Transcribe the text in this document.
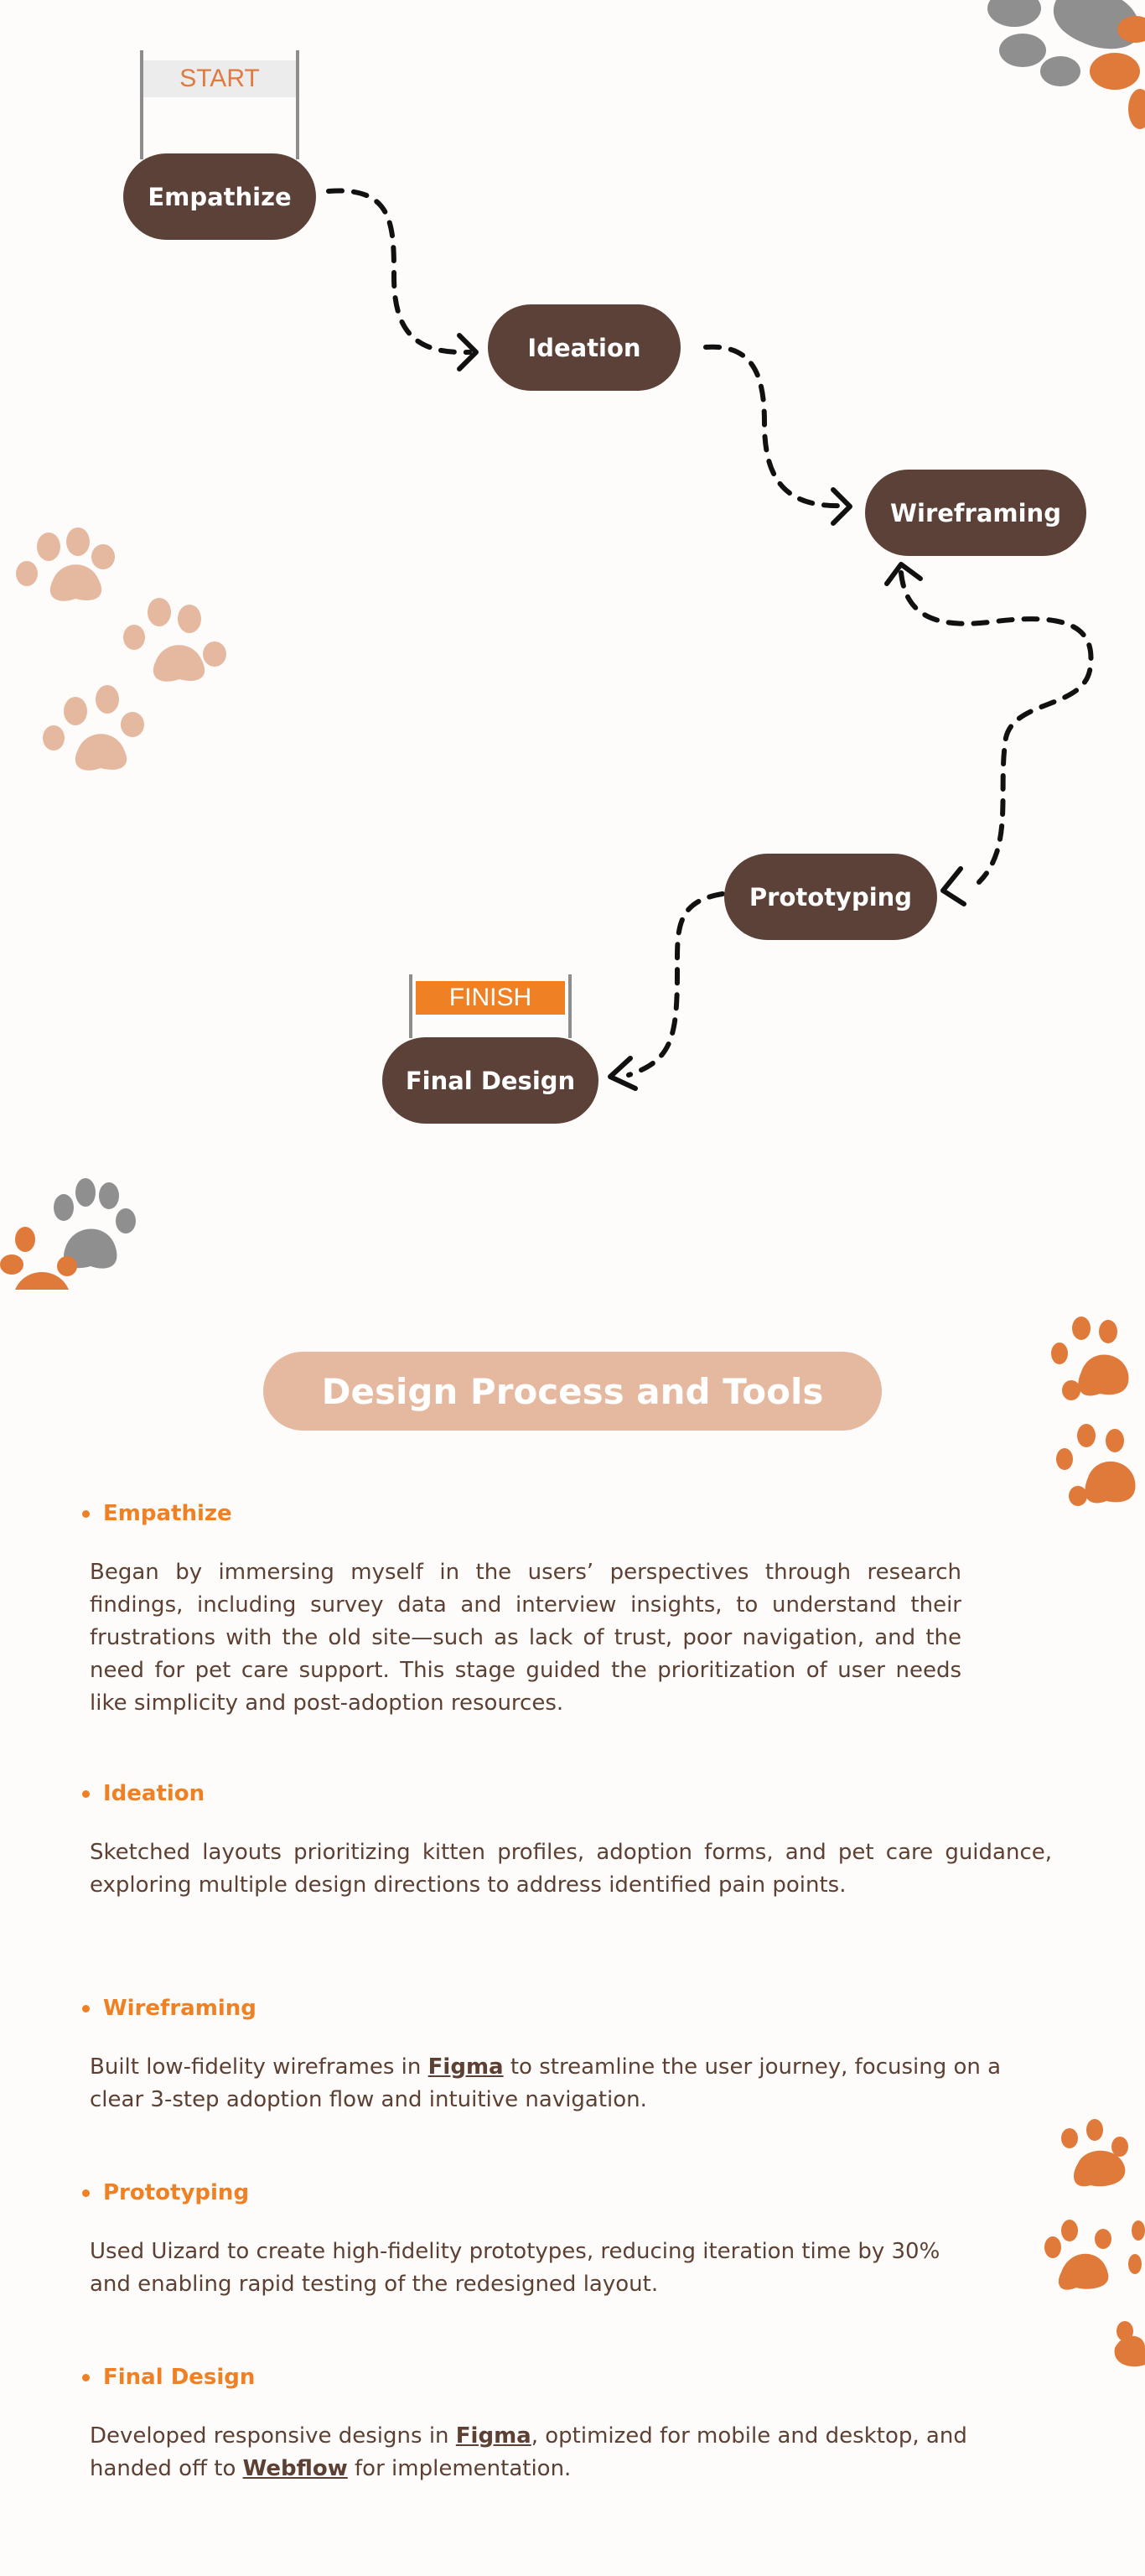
START
FINISH
Empathize
Ideation
Wireframing
Prototyping
Final Design
Design Process and Tools
Empathize
Began by immersing myself in the users’ perspectives through research findings, including survey data and interview insights, to understand their frustrations with the old site—such as lack of trust, poor navigation, and the need for pet care support. This stage guided the prioritization of user needs like simplicity and post-adoption resources.
Ideation
Sketched layouts prioritizing kitten profiles, adoption forms, and pet care guidance, exploring multiple design directions to address identified pain points.
Wireframing
Built low-fidelity wireframes in Figma to streamline the user journey, focusing on a clear 3-step adoption flow and intuitive navigation.
Prototyping
Used Uizard to create high-fidelity prototypes, reducing iteration time by 30% and enabling rapid testing of the redesigned layout.
Final Design
Developed responsive designs in Figma, optimized for mobile and desktop, and handed off to Webflow for implementation.
